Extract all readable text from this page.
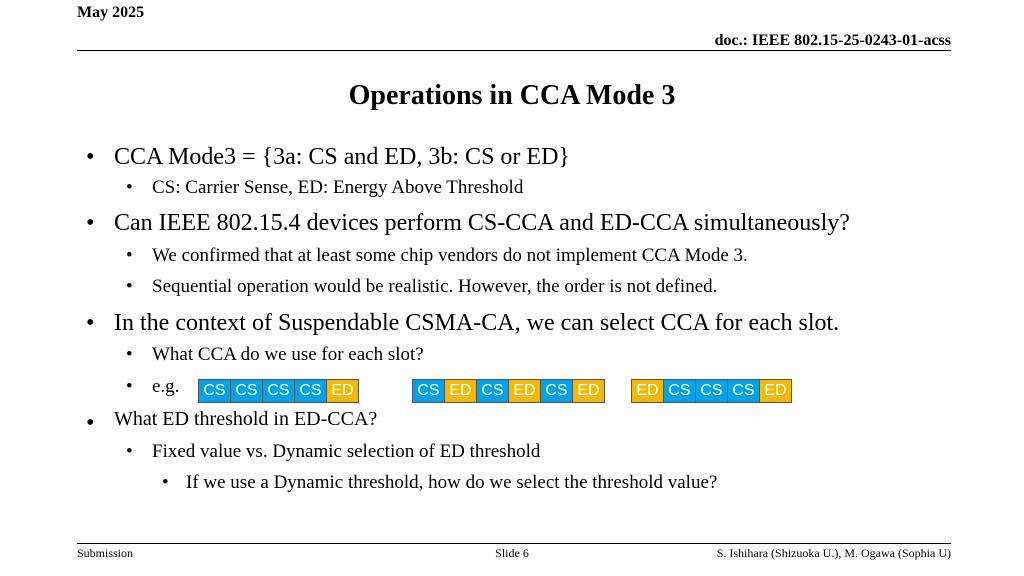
May 2025
doc.: IEEE 802.15-25-0243-01-acss
Operations in CCA Mode 3
• CCA Mode3 = {3a: CS and ED, 3b: CS or ED}
• CS: Carrier Sense, ED: Energy Above Threshold
• Can IEEE 802.15.4 devices perform CS-CCA and ED-CCA simultaneously?
• We confirmed that at least some chip vendors do not implement CCA Mode 3.
• Sequential operation would be realistic. However, the order is not defined.
• In the context of Suspendable CSMA-CA, we can select CCA for each slot.
• What CCA do we use for each slot?
• e.g.	CS CS CS CS ED	CS ED CS ED CS ED	ED CS CS CS ED
• What ED threshold in ED-CCA?
• Fixed value vs. Dynamic selection of ED threshold
• If we use a Dynamic threshold, how do we select the threshold value?
Submission	Slide 6	S. Ishihara (Shizuoka U.), M. Ogawa (Sophia U)
